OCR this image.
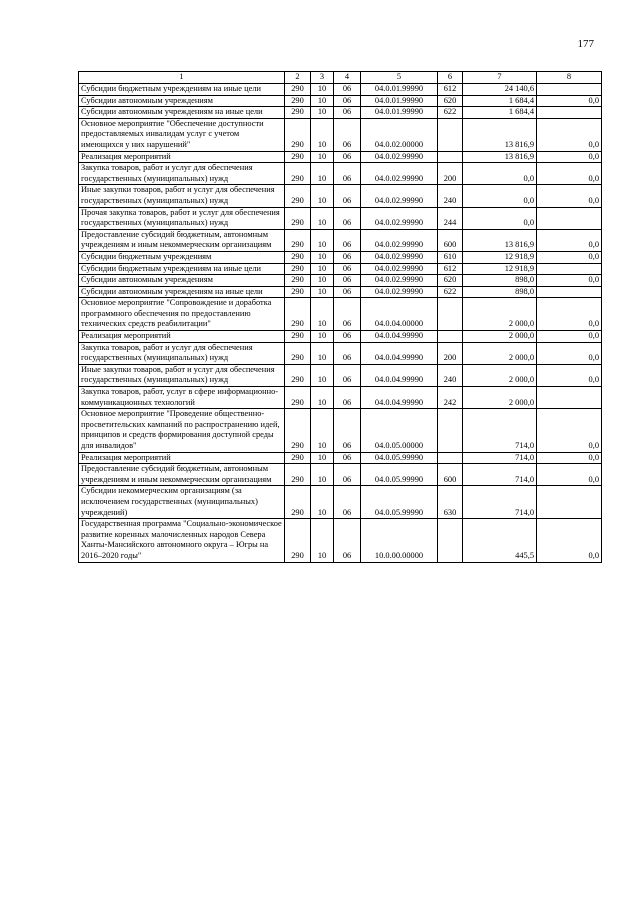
177
1	2	3	4	5	6	7	8
Субсидии бюджетным учреждениям на иные цели	290	10	06	04.0.01.99990	612	24 140,6	
Субсидии автономным учреждениям	290	10	06	04.0.01.99990	620	1 684,4	0,0
Субсидии автономным учреждениям на иные цели	290	10	06	04.0.01.99990	622	1 684,4	
Основное мероприятие "Обеспечение доступности предоставляемых инвалидам услуг с учетом имеющихся у них нарушений"	290	10	06	04.0.02.00000		13 816,9	0,0
Реализация мероприятий	290	10	06	04.0.02.99990		13 816,9	0,0
Закупка товаров, работ и услуг для обеспечения государственных (муниципальных) нужд	290	10	06	04.0.02.99990	200	0,0	0,0
Иные закупки товаров, работ и услуг для обеспечения государственных (муниципальных) нужд	290	10	06	04.0.02.99990	240	0,0	0,0
Прочая закупка товаров, работ и услуг для обеспечения государственных (муниципальных) нужд	290	10	06	04.0.02.99990	244	0,0	
Предоставление субсидий бюджетным, автономным учреждениям и иным некоммерческим организациям	290	10	06	04.0.02.99990	600	13 816,9	0,0
Субсидии бюджетным учреждениям	290	10	06	04.0.02.99990	610	12 918,9	0,0
Субсидии бюджетным учреждениям на иные цели	290	10	06	04.0.02.99990	612	12 918,9	
Субсидии автономным учреждениям	290	10	06	04.0.02.99990	620	898,0	0,0
Субсидии автономным учреждениям на иные цели	290	10	06	04.0.02.99990	622	898,0	
Основное мероприятие "Сопровождение и доработка программного обеспечения по предоставлению технических средств реабилитации"	290	10	06	04.0.04.00000		2 000,0	0,0
Реализация мероприятий	290	10	06	04.0.04.99990		2 000,0	0,0
Закупка товаров, работ и услуг для обеспечения государственных (муниципальных) нужд	290	10	06	04.0.04.99990	200	2 000,0	0,0
Иные закупки товаров, работ и услуг для обеспечения государственных (муниципальных) нужд	290	10	06	04.0.04.99990	240	2 000,0	0,0
Закупка товаров, работ, услуг в сфере информационно-коммуникационных технологий	290	10	06	04.0.04.99990	242	2 000,0	
Основное мероприятие "Проведение общественно-просветительских кампаний по распространению идей, принципов и средств формирования доступной среды для инвалидов"	290	10	06	04.0.05.00000		714,0	0,0
Реализация мероприятий	290	10	06	04.0.05.99990		714,0	0,0
Предоставление субсидий бюджетным, автономным учреждениям и иным некоммерческим организациям	290	10	06	04.0.05.99990	600	714,0	0,0
Субсидии некоммерческим организациям (за исключением государственных (муниципальных) учреждений)	290	10	06	04.0.05.99990	630	714,0	
Государственная программа "Социально-экономическое развитие коренных малочисленных народов Севера Ханты-Мансийского автономного округа – Югры на 2016–2020 годы"	290	10	06	10.0.00.00000		445,5	0,0
